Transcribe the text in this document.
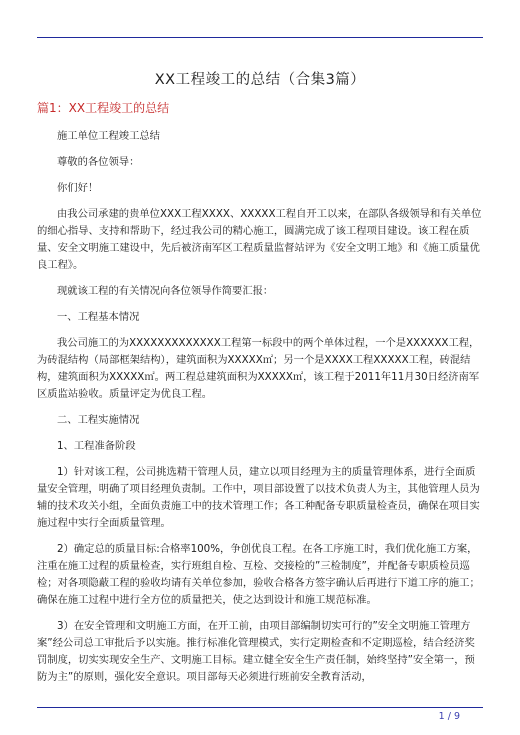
XX工程竣工的总结（合集3篇）
篇1：XX工程竣工的总结

施工单位工程竣工总结

尊敬的各位领导：

你们好！

由我公司承建的贵单位XXX工程XXXX、XXXXX工程自开工以来，在部队各级领导和有关单位的细心指导、支持和帮助下，经过我公司的精心施工，圆满完成了该工程项目建设。该工程在质量、安全文明施工建设中，先后被济南军区工程质量监督站评为《安全文明工地》和《施工质量优良工程》。

现就该工程的有关情况向各位领导作简要汇报：

一、工程基本情况

我公司施工的为XXXXXXXXXXXXX工程第一标段中的两个单体过程，一个是XXXXXX工程，为砖混结构（局部框架结构），建筑面积为XXXXX㎡；另一个是XXXX工程XXXXX工程，砖混结构，建筑面积为XXXXX㎡。两工程总建筑面积为XXXXX㎡，该工程于2011年11月30日经济南军区质监站验收。质量评定为优良工程。

二、工程实施情况

1、工程准备阶段

1）针对该工程，公司挑选精干管理人员，建立以项目经理为主的质量管理体系，进行全面质量安全管理，明确了项目经理负责制。工作中，项目部设置了以技术负责人为主，其他管理人员为辅的技术攻关小组，全面负责施工中的技术管理工作；各工种配备专职质量检查员，确保在项目实施过程中实行全面质量管理。

2）确定总的质量目标:合格率100%，争创优良工程。在各工序施工时，我们优化施工方案，注重在施工过程的质量检查，实行班组自检、互检、交接检的”三检制度”，并配备专职质检员巡检；对各项隐蔽工程的验收均请有关单位参加，验收合格各方签字确认后再进行下道工序的施工；确保在施工过程中进行全方位的质量把关，使之达到设计和施工规范标准。

3）在安全管理和文明施工方面，在开工前，由项目部编制切实可行的”安全文明施工管理方案”经公司总工审批后予以实施。推行标准化管理模式，实行定期检查和不定期巡检，结合经济奖罚制度，切实实现安全生产、文明施工目标。建立健全安全生产责任制，始终坚持”安全第一，预防为主”的原则，强化安全意识。项目部每天必须进行班前安全教育活动，

1 / 9
